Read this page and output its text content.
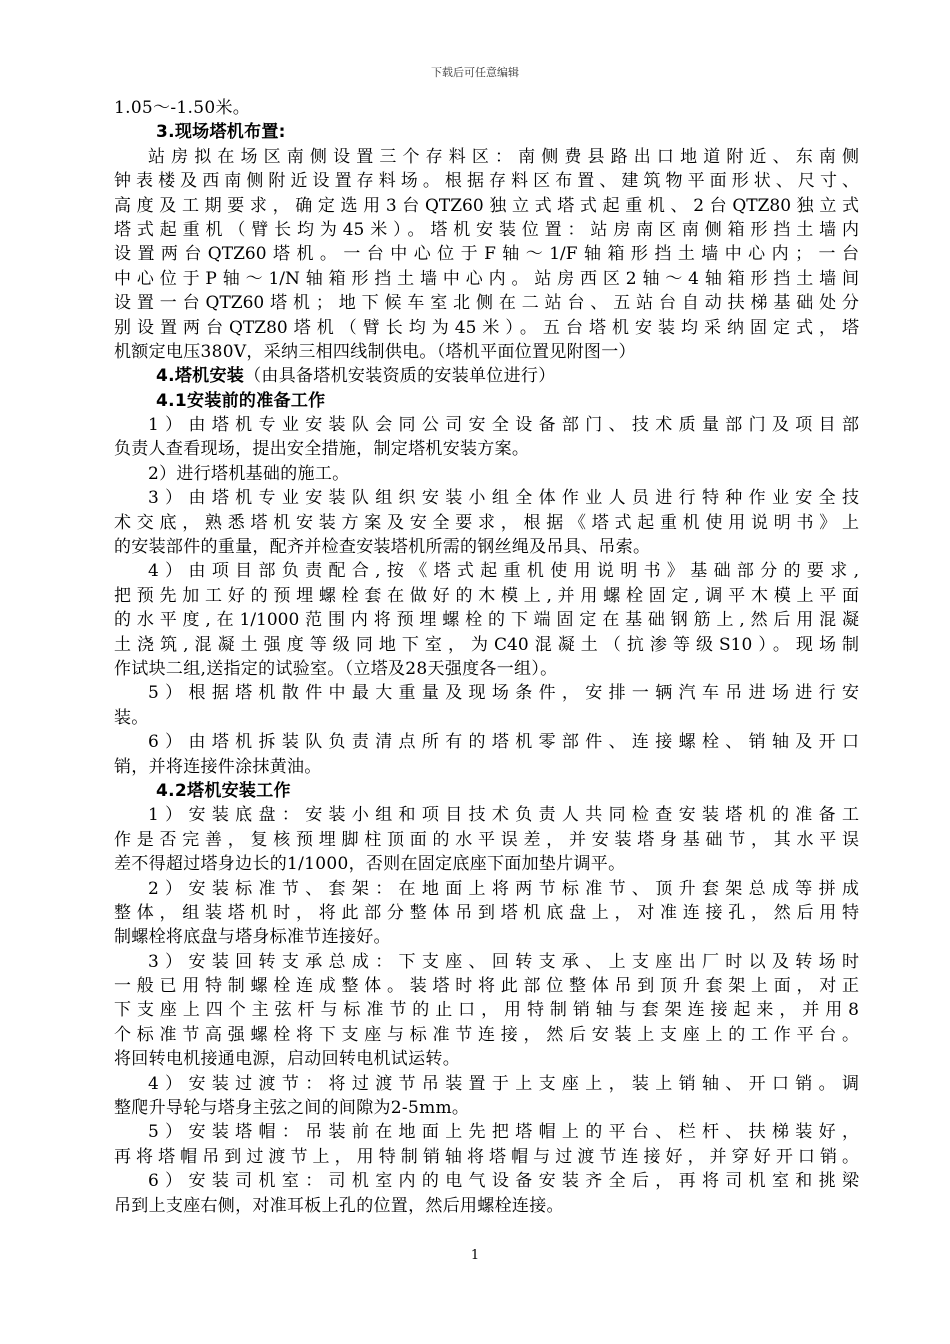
下载后可任意编辑
1.05～-1.50米。
3.现场塔机布置:
站房拟在场区南侧设置三个存料区：南侧费县路出口地道附近、东南侧
钟表楼及西南侧附近设置存料场。根据存料区布置、建筑物平面形状、尺寸、
高度及工期要求，确定选用3台QTZ60独立式塔式起重机、2台QTZ80独立式
塔式起重机（臂长均为45米）。塔机安装位置：站房南区南侧箱形挡土墙内
设置两台QTZ60塔机。一台中心位于F轴～1/F轴箱形挡土墙中心内；一台
中心位于P轴～1/N轴箱形挡土墙中心内。站房西区2轴～4轴箱形挡土墙间
设置一台QTZ60塔机；地下候车室北侧在二站台、五站台自动扶梯基础处分
别设置两台QTZ80塔机（臂长均为45米）。五台塔机安装均采纳固定式，塔
机额定电压380V，采纳三相四线制供电。（塔机平面位置见附图一）
4.塔机安装（由具备塔机安装资质的安装单位进行）
4.1安装前的准备工作
1）由塔机专业安装队会同公司安全设备部门、技术质量部门及项目部
负责人查看现场，提出安全措施，制定塔机安装方案。
2）进行塔机基础的施工。
3）由塔机专业安装队组织安装小组全体作业人员进行特种作业安全技
术交底，熟悉塔机安装方案及安全要求，根据《塔式起重机使用说明书》上
的安装部件的重量，配齐并检查安装塔机所需的钢丝绳及吊具、吊索。
4）由项目部负责配合,按《塔式起重机使用说明书》基础部分的要求,
把预先加工好的预埋螺栓套在做好的木模上,并用螺栓固定,调平木模上平面
的水平度,在1/1000范围内将预埋螺栓的下端固定在基础钢筋上,然后用混凝
土浇筑,混凝土强度等级同地下室，为C40混凝土（抗渗等级S10）。现场制
作试块二组,送指定的试验室。（立塔及28天强度各一组）。
5）根据塔机散件中最大重量及现场条件，安排一辆汽车吊进场进行安
装。
6）由塔机拆装队负责清点所有的塔机零部件、连接螺栓、销轴及开口
销，并将连接件涂抹黄油。
4.2塔机安装工作
1）安装底盘：安装小组和项目技术负责人共同检查安装塔机的准备工
作是否完善，复核预埋脚柱顶面的水平误差，并安装塔身基础节，其水平误
差不得超过塔身边长的1/1000，否则在固定底座下面加垫片调平。
2）安装标准节、套架：在地面上将两节标准节、顶升套架总成等拼成
整体，组装塔机时，将此部分整体吊到塔机底盘上，对准连接孔，然后用特
制螺栓将底盘与塔身标准节连接好。
3）安装回转支承总成：下支座、回转支承、上支座出厂时以及转场时
一般已用特制螺栓连成整体。装塔时将此部位整体吊到顶升套架上面，对正
下支座上四个主弦杆与标准节的止口，用特制销轴与套架连接起来，并用8
个标准节高强螺栓将下支座与标准节连接，然后安装上支座上的工作平台。
将回转电机接通电源，启动回转电机试运转。
4）安装过渡节：将过渡节吊装置于上支座上，装上销轴、开口销。调
整爬升导轮与塔身主弦之间的间隙为2-5mm。
5）安装塔帽：吊装前在地面上先把塔帽上的平台、栏杆、扶梯装好，
再将塔帽吊到过渡节上，用特制销轴将塔帽与过渡节连接好，并穿好开口销。
6）安装司机室：司机室内的电气设备安装齐全后，再将司机室和挑梁
吊到上支座右侧，对准耳板上孔的位置，然后用螺栓连接。
1
